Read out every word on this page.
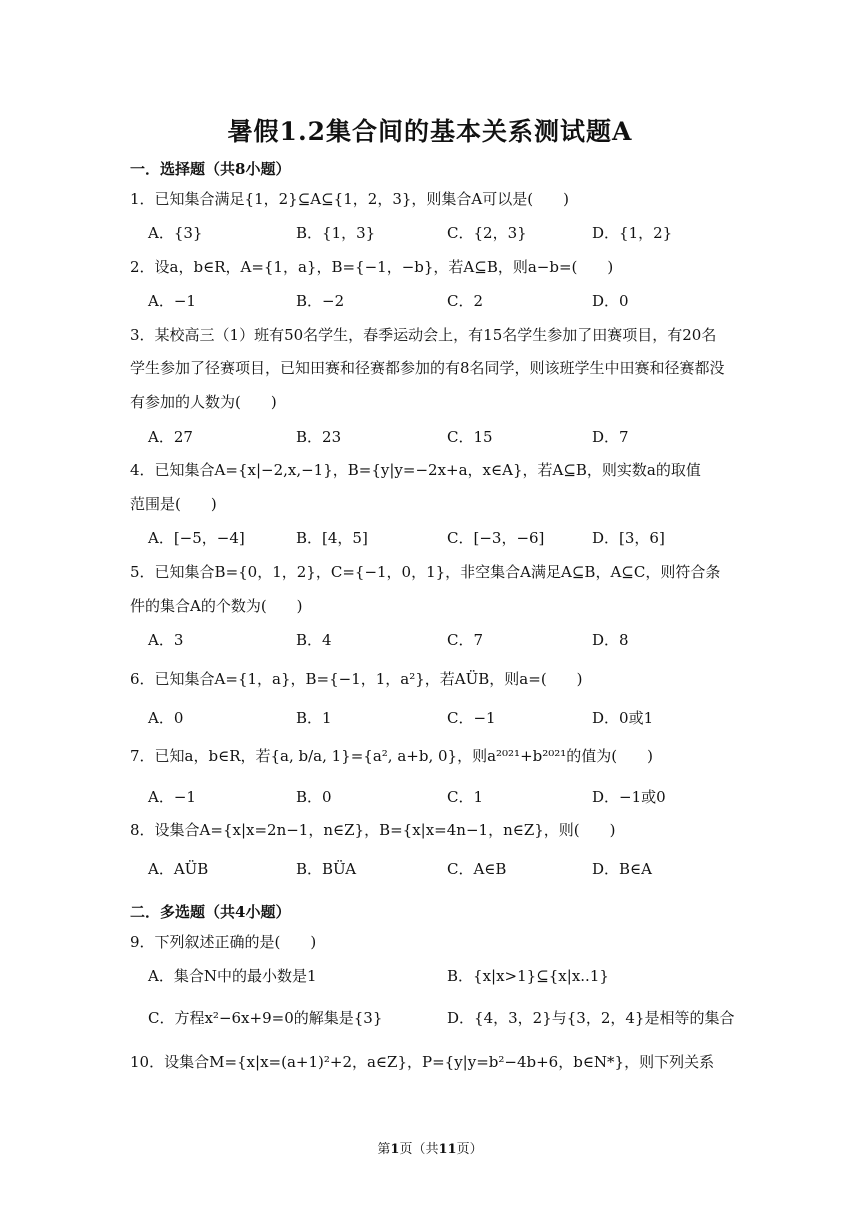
暑假1.2集合间的基本关系测试题A
一．选择题（共8小题）
1．已知集合满足{1，2}⊆A⊆{1，2，3}，则集合A可以是(　　)
A．{3}	B．{1，3}	C．{2，3}	D．{1，2}
2．设a，b∈R，A={1，a}，B={−1，−b}，若A⊆B，则a−b=(　　)
A．−1	B．−2	C．2	D．0
3．某校高三（1）班有50名学生，春季运动会上，有15名学生参加了田赛项目，有20名
学生参加了径赛项目，已知田赛和径赛都参加的有8名同学，则该班学生中田赛和径赛都没
有参加的人数为(　　)
A．27	B．23	C．15	D．7
4．已知集合A={x|−2,x,−1}，B={y|y=−2x+a，x∈A}，若A⊆B，则实数a的取值
范围是(　　)
A．[−5，−4]	B．[4，5]	C．[−3，−6]	D．[3，6]
5．已知集合B={0，1，2}，C={−1，0，1}，非空集合A满足A⊆B，A⊆C，则符合条
件的集合A的个数为(　　)
A．3	B．4	C．7	D．8
6．已知集合A={1，a}，B={−1，1，a²}，若AÜB，则a=(　　)
A．0	B．1	C．−1	D．0或1
7．已知a，b∈R，若{a, b/a, 1}={a², a+b, 0}，则a²⁰²¹+b²⁰²¹的值为(　　)
A．−1	B．0	C．1	D．−1或0
8．设集合A={x|x=2n−1，n∈Z}，B={x|x=4n−1，n∈Z}，则(　　)
A．AÜB	B．BÜA	C．A∈B	D．B∈A
二．多选题（共4小题）
9．下列叙述正确的是(　　)
A．集合N中的最小数是1	B．{x|x>1}⊆{x|x..1}
C．方程x²−6x+9=0的解集是{3}	D．{4，3，2}与{3，2，4}是相等的集合
10．设集合M={x|x=(a+1)²+2，a∈Z}，P={y|y=b²−4b+6，b∈N*}，则下列关系
第1页（共11页）
